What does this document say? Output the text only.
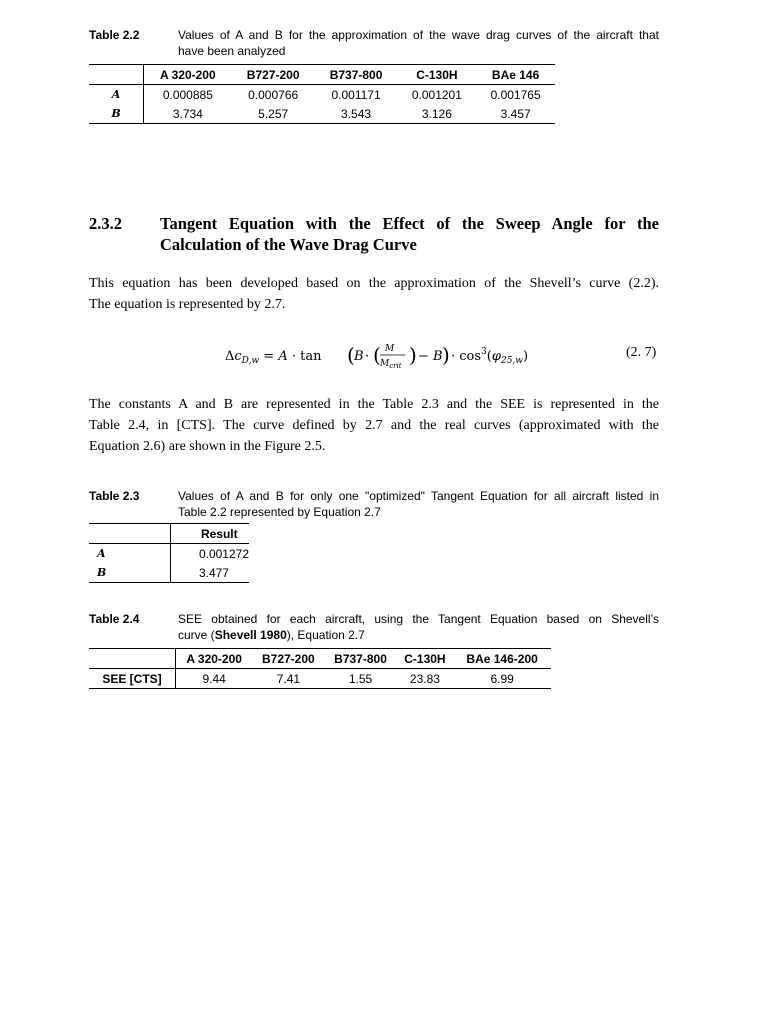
Table 2.2	Values of A and B for the approximation of the wave drag curves of the aircraft that
have been analyzed
	A 320-200	B727-200	B737-800	C-130H	BAe 146
A	0.000885	0.000766	0.001171	0.001201	0.001765
B	3.734	5.257	3.543	3.126	3.457
2.3.2 Tangent Equation with the Effect of the Sweep Angle for the Calculation of the Wave Drag Curve
This equation has been developed based on the approximation of the Shevell’s curve (2.2).
The equation is represented by 2.7.
$\Delta c_{D,w} = A \cdot \tan$ ( B · ( M
$M_{crit}$ ) − B ) · $\cos^3(\varphi_{25,w})$	(2. 7)
The constants A and B are represented in the Table 2.3 and the SEE is represented in the
Table 2.4, in [CTS]. The curve defined by 2.7 and the real curves (approximated with the
Equation 2.6) are shown in the Figure 2.5.
Table 2.3	Values of A and B for only one "optimized" Tangent Equation for all aircraft listed in
Table 2.2 represented by Equation 2.7
	Result
A	0.001272
B	3.477
Table 2.4	SEE obtained for each aircraft, using the Tangent Equation based on Shevell’s
curve (Shevell 1980), Equation 2.7
	A 320-200	B727-200	B737-800	C-130H	BAe 146-200
SEE [CTS]	9.44	7.41	1.55	23.83	6.99
